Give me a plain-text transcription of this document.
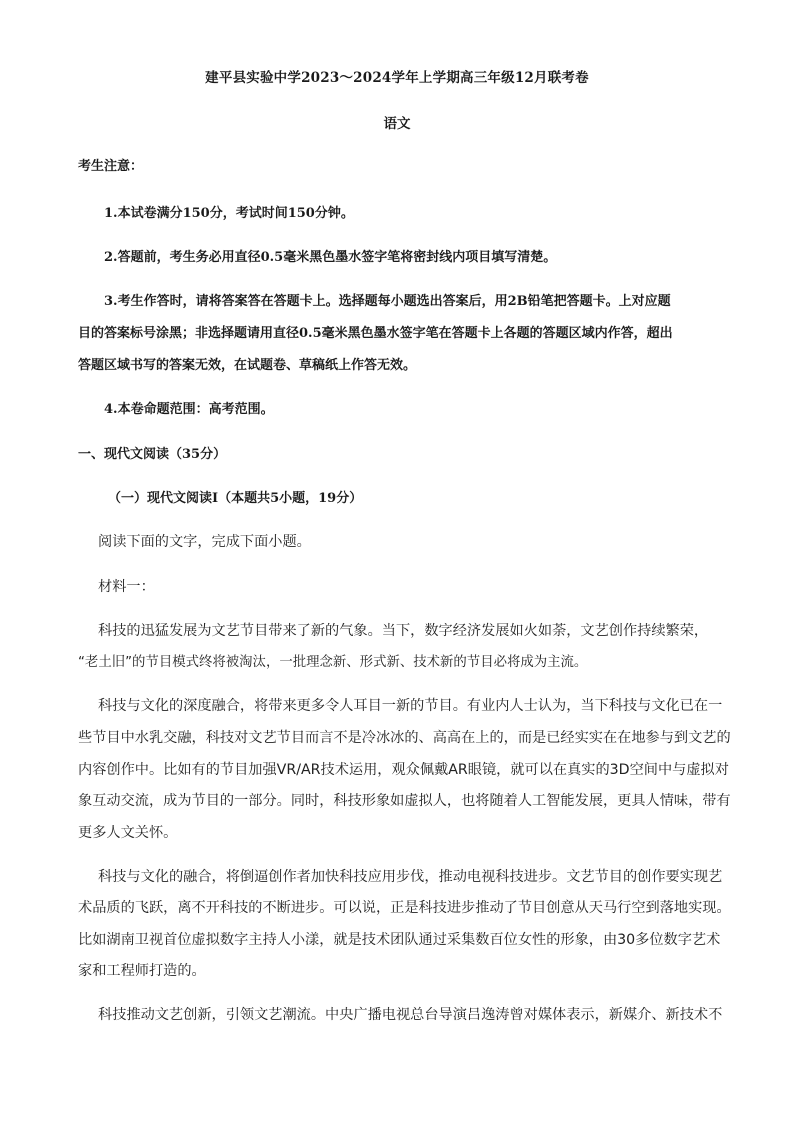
建平县实验中学2023～2024学年上学期高三年级12月联考卷
语文
考生注意：
1.本试卷满分150分，考试时间150分钟。
2.答题前，考生务必用直径0.5毫米黑色墨水签字笔将密封线内项目填写清楚。
3.考生作答时，请将答案答在答题卡上。选择题每小题选出答案后，用2B铅笔把答题卡。上对应题
目的答案标号涂黑；非选择题请用直径0.5毫米黑色墨水签字笔在答题卡上各题的答题区域内作答，超出
答题区域书写的答案无效，在试题卷、草稿纸上作答无效。
4.本卷命题范围：高考范围。
一、现代文阅读（35分）
（一）现代文阅读Ⅰ（本题共5小题，19分）
阅读下面的文字，完成下面小题。
材料一：
科技的迅猛发展为文艺节目带来了新的气象。当下，数字经济发展如火如荼，文艺创作持续繁荣，
“老土旧”的节目模式终将被淘汰，一批理念新、形式新、技术新的节目必将成为主流。
科技与文化的深度融合，将带来更多令人耳目一新的节目。有业内人士认为，当下科技与文化已在一
些节目中水乳交融，科技对文艺节目而言不是冷冰冰的、高高在上的，而是已经实实在在地参与到文艺的
内容创作中。比如有的节目加强VR/AR技术运用，观众佩戴AR眼镜，就可以在真实的3D空间中与虚拟对
象互动交流，成为节目的一部分。同时，科技形象如虚拟人，也将随着人工智能发展，更具人情味，带有
更多人文关怀。
科技与文化的融合，将倒逼创作者加快科技应用步伐，推动电视科技进步。文艺节目的创作要实现艺
术品质的飞跃，离不开科技的不断进步。可以说，正是科技进步推动了节目创意从天马行空到落地实现。
比如湖南卫视首位虚拟数字主持人小漾，就是技术团队通过采集数百位女性的形象，由30多位数字艺术
家和工程师打造的。
科技推动文艺创新，引领文艺潮流。中央广播电视总台导演吕逸涛曾对媒体表示，新媒介、新技术不
